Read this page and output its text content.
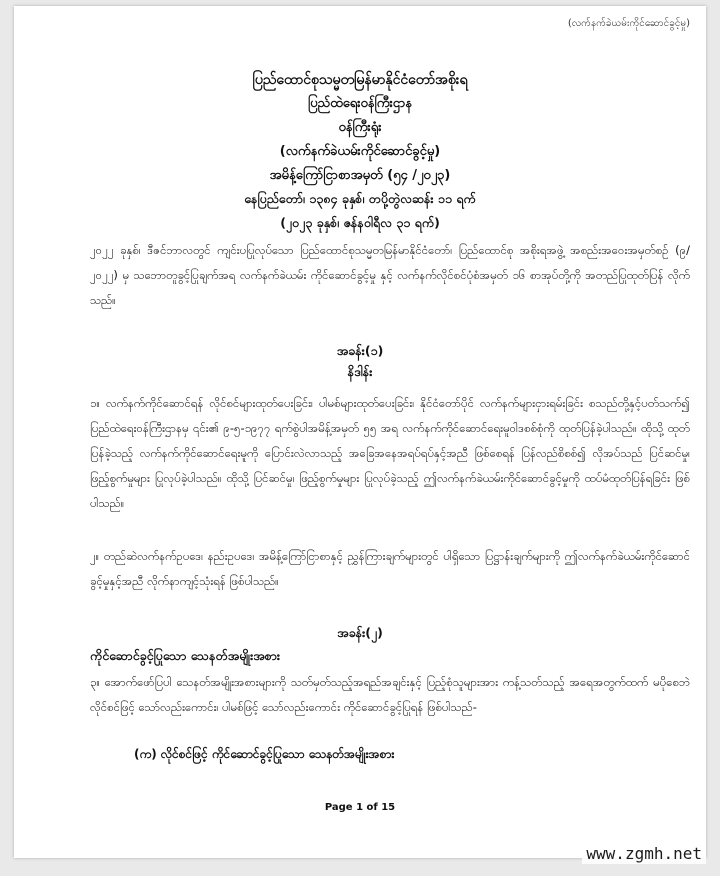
(လက်နက်ခဲယမ်းကိုင်ဆောင်ခွင့်မှု)
ပြည်ထောင်စုသမ္မတမြန်မာနိုင်ငံတော်အစိုးရ
ပြည်ထဲရေးဝန်ကြီးဌာန
ဝန်ကြီးရုံး
(လက်နက်ခဲယမ်းကိုင်ဆောင်ခွင့်မှု)
အမိန့်ကြော်ငြာစာအမှတ် (၅၄ /၂၀၂၃)
နေပြည်တော်၊ ၁၃၈၄ ခုနှစ်၊ တပို့တွဲလဆန်း ၁၁ ရက်
(၂၀၂၃ ခုနှစ်၊ ဇန်နဝါရီလ ၃၁ ရက်)
၂၀၂၂ ခုနှစ်၊ ဒီဇင်ဘာလတွင် ကျင်းပပြုလုပ်သော ပြည်ထောင်စုသမ္မတမြန်မာနိုင်ငံတော်၊ ပြည်ထောင်စု အစိုးရအဖွဲ့ အစည်းအဝေးအမှတ်စဉ် (၉/ ၂၀၂၂) မှ သဘောတူခွင့်ပြုချက်အရ လက်နက်ခဲယမ်း ကိုင်ဆောင်ခွင့်မှု နှင့် လက်နက်လိုင်စင်ပုံစံအမှတ် ၁၆ စာအုပ်တို့ကို အတည်ပြုထုတ်ပြန် လိုက်သည်။
အခန်း(၁)
နိဒါန်း
၁။ လက်နက်ကိုင်ဆောင်ရန် လိုင်စင်များထုတ်ပေးခြင်း၊ ပါမစ်များထုတ်ပေးခြင်း၊ နိုင်ငံတော်ပိုင် လက်နက်များငှားရမ်းခြင်း စသည်တို့နှင့်ပတ်သက်၍ ပြည်ထဲရေးဝန်ကြီးဌာနမှ ၎င်း၏ ၉-၅-၁၉၇၇ ရက်စွဲပါအမိန့်အမှတ် ၅၅ အရ လက်နက်ကိုင်ဆောင်ရေးမူဝါဒစစ်စုံကို ထုတ်ပြန်ခဲ့ပါသည်။ ထိုသို့ ထုတ်ပြန်ခဲ့သည့် လက်နက်ကိုင်ဆောင်ရေးမူကို ပြောင်းလဲလာသည့် အခြေအနေအရပ်ရပ်နှင့်အညီ ဖြစ်စေရန် ပြန်လည်စိစစ်၍ လိုအပ်သည် ပြင်ဆင်မှု၊ ဖြည့်စွက်မှုများ ပြုလုပ်ခဲ့ပါသည်။ ထိုသို့ ပြင်ဆင်မှု၊ ဖြည့်စွက်မှုများ ပြုလုပ်ခဲ့သည့် ဤလက်နက်ခဲယမ်းကိုင်ဆောင်ခွင့်မှုကို ထပ်မံထုတ်ပြန်ရခြင်း ဖြစ်ပါသည်။
၂။ တည်ဆဲလက်နက်ဥပဒေ၊ နည်းဥပဒေ၊ အမိန့်ကြော်ငြာစာနှင့် ညွှန်ကြားချက်များတွင် ပါရှိသော ပြဋ္ဌာန်းချက်များကို ဤလက်နက်ခဲယမ်းကိုင်ဆောင်ခွင့်မှုနှင့်အညီ လိုက်နာကျင့်သုံးရန် ဖြစ်ပါသည်။
အခန်း(၂)
ကိုင်ဆောင်ခွင့်ပြုသော သေနတ်အမျိုးအစား
၃။ အောက်ဖော်ပြပါ သေနတ်အမျိုးအစားများကို သတ်မှတ်သည့်အရည်အချင်းနှင့် ပြည့်စုံသူများအား ကန့်သတ်သည့် အရေအတွက်ထက် မပိုစေဘဲလိုင်စင်ဖြင့် သော်လည်းကောင်း၊ ပါမစ်ဖြင့် သော်လည်းကောင်း ကိုင်ဆောင်ခွင့်ပြုရန် ဖြစ်ပါသည်-
(က) လိုင်စင်ဖြင့် ကိုင်ဆောင်ခွင့်ပြုသော သေနတ်အမျိုးအစား
Page 1 of 15
www.zgmh.net
